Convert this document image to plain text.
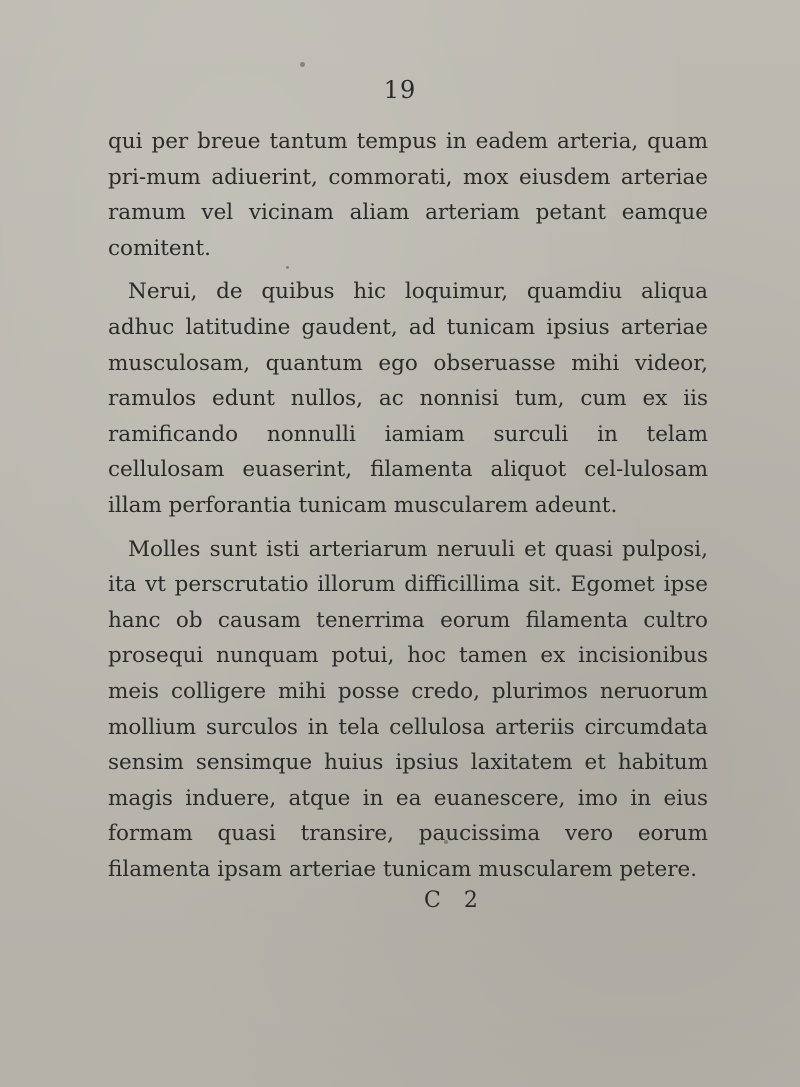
19

qui per breue tantum tempus in eadem arteria, quam pri-mum adiuerint, commorati, mox eiusdem arteriae ramum vel vicinam aliam arteriam petant eamque comitent.

Nerui, de quibus hic loquimur, quamdiu aliqua adhuc latitudine gaudent, ad tunicam ipsius arteriae musculosam, quantum ego obseruasse mihi videor, ramulos edunt nullos, ac nonnisi tum, cum ex iis ramificando nonnulli iamiam surculi in telam cellulosam euaserint, filamenta aliquot cel-lulosam illam perforantia tunicam muscularem adeunt.

Molles sunt isti arteriarum neruuli et quasi pulposi, ita vt perscrutatio illorum difficillima sit. Egomet ipse hanc ob causam tenerrima eorum filamenta cultro prosequi nunquam potui, hoc tamen ex incisionibus meis colligere mihi posse credo, plurimos neruorum mollium surculos in tela cellulosa arteriis circumdata sensim sensimque huius ipsius laxitatem et habitum magis induere, atque in ea euanescere, imo in eius formam quasi transire, paucissima vero eorum filamenta ipsam arteriae tunicam muscularem petere.

C 2
